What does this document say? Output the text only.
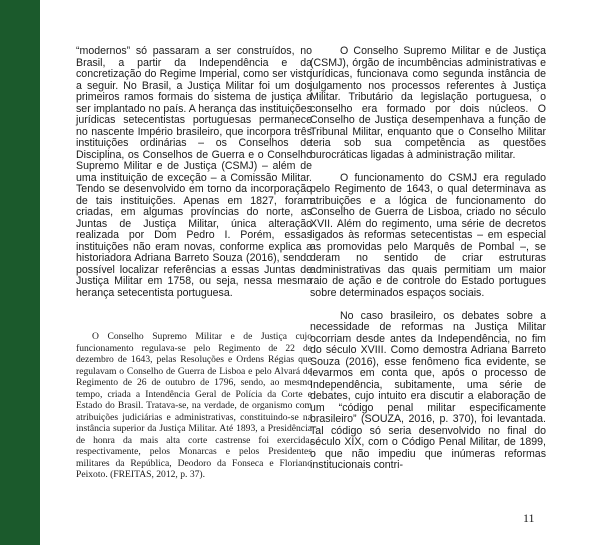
“modernos” só passaram a ser construídos, no Brasil, a partir da Independência e da concretização do Regime Imperial, como ser visto a seguir. No Brasil, a Justiça Militar foi um dos primeiros ramos formais do sistema de justiça a ser implantado no país. A herança das instituições jurídicas setecentistas portuguesas permanece no nascente Império brasileiro, que incorpora três instituições ordinárias – os Conselhos de Disciplina, os Conselhos de Guerra e o Conselho Supremo Militar e de Justiça (CSMJ) – além de uma instituição de exceção – a Comissão Militar. Tendo se desenvolvido em torno da incorporação de tais instituições. Apenas em 1827, foram criadas, em algumas províncias do norte, as Juntas de Justiça Militar, única alteração realizada por Dom Pedro I. Porém, essas instituições não eram novas, conforme explica a historiadora Adriana Barreto Souza (2016), sendo possível localizar referências a essas Juntas de Justiça Militar em 1758, ou seja, nessa mesma herança setecentista portuguesa.

O Conselho Supremo Militar e de Justiça cujo funcionamento regulava-se pelo Regimento de 22 de dezembro de 1643, pelas Resoluções e Ordens Régias que regulavam o Conselho de Guerra de Lisboa e pelo Alvará de Regimento de 26 de outubro de 1796, sendo, ao mesmo tempo, criada a Intendência Geral de Polícia da Corte e Estado do Brasil. Tratava-se, na verdade, de organismo com atribuições judiciárias e administrativas, constituindo-se na instância superior da Justiça Militar. Até 1893, a Presidência de honra da mais alta corte castrense foi exercida, respectivamente, pelos Monarcas e pelos Presidentes militares da República, Deodoro da Fonseca e Floriano Peixoto. (FREITAS, 2012, p. 37).

O Conselho Supremo Militar e de Justiça (CSMJ), órgão de incumbências administrativas e jurídicas, funcionava como segunda instância de julgamento nos processos referentes à Justiça Militar. Tributário da legislação portuguesa, o conselho era formado por dois núcleos. O Conselho de Justiça desempenhava a função de Tribunal Militar, enquanto que o Conselho Militar teria sob sua competência as questões burocráticas ligadas à administração militar.

O funcionamento do CSMJ era regulado pelo Regimento de 1643, o qual determinava as atribuições e a lógica de funcionamento do Conselho de Guerra de Lisboa, criado no século XVII. Além do regimento, uma série de decretos ligados às reformas setecentistas – em especial as promovidas pelo Marquês de Pombal –, se deram no sentido de criar estruturas administrativas das quais permitiam um maior raio de ação e de controle do Estado portugues sobre determinados espaços sociais.

No caso brasileiro, os debates sobre a necessidade de reformas na Justiça Militar ocorriam desde antes da Independência, no fim do século XVIII. Como demostra Adriana Barreto Souza (2016), esse fenômeno fica evidente, se levarmos em conta que, após o processo de Independência, subitamente, uma série de debates, cujo intuito era discutir a elaboração de um “código penal militar especificamente brasileiro” (SOUZA, 2016, p. 370), foi levantada. Tal código só seria desenvolvido no final do século XIX, com o Código Penal Militar, de 1899, o que não impediu que inúmeras reformas institucionais contri-

11
